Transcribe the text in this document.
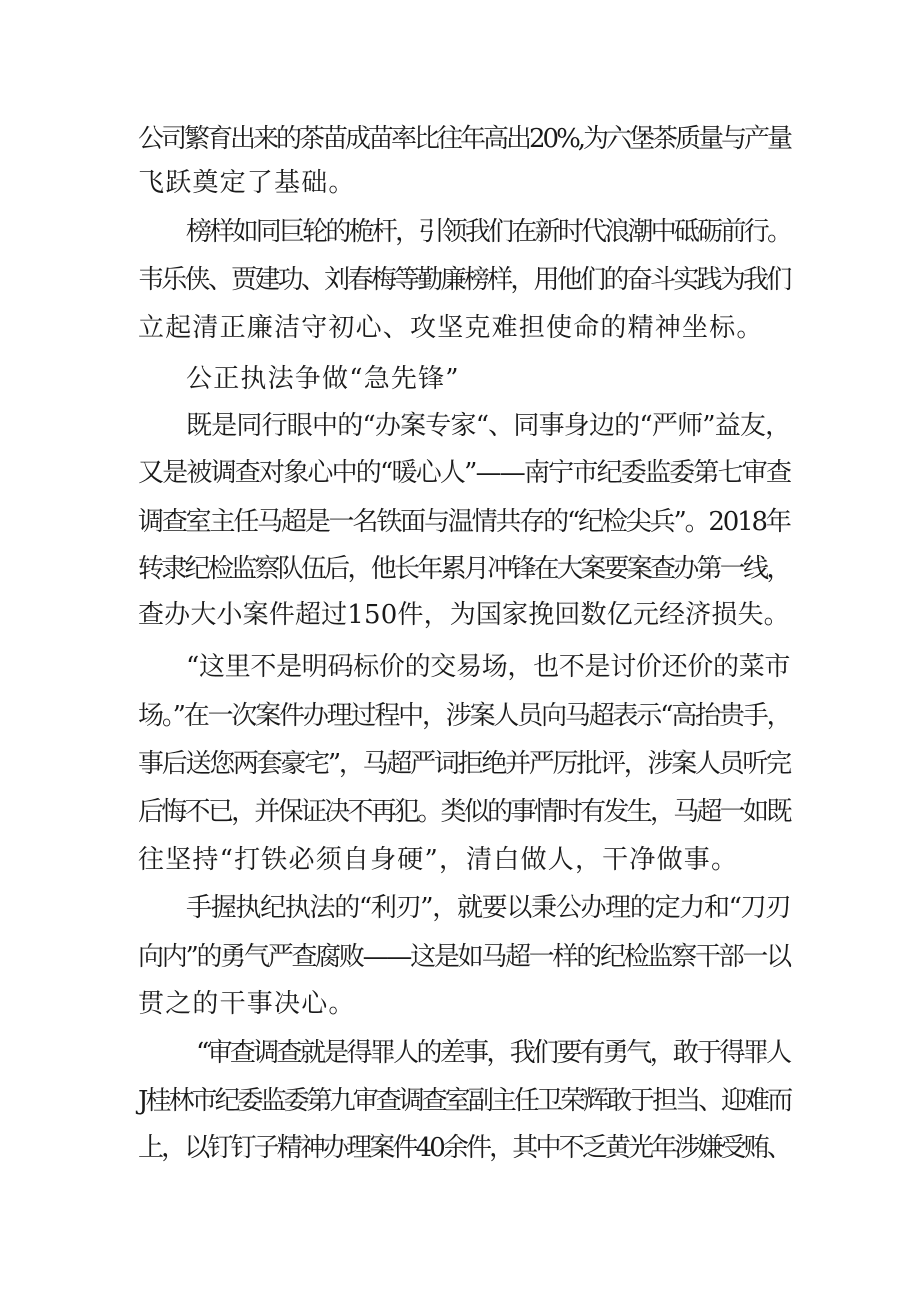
公司繁育出来的茶苗成苗率比往年高出20%,为六堡茶质量与产量
飞跃奠定了基础。
榜样如同巨轮的桅杆，引领我们在新时代浪潮中砥砺前行。
韦乐侠、贾建功、刘春梅等勤廉榜样，用他们的奋斗实践为我们
立起清正廉洁守初心、攻坚克难担使命的精神坐标。
公正执法争做“急先锋”
既是同行眼中的“办案专家“、同事身边的“严师”益友，
又是被调查对象心中的“暖心人”——南宁市纪委监委第七审查
调查室主任马超是一名铁面与温情共存的“纪检尖兵”。2018年
转隶纪检监察队伍后，他长年累月冲锋在大案要案查办第一线，
查办大小案件超过150件，为国家挽回数亿元经济损失。
“这里不是明码标价的交易场，也不是讨价还价的菜市
场。”在一次案件办理过程中，涉案人员向马超表示“高抬贵手，
事后送您两套豪宅”，马超严词拒绝并严厉批评，涉案人员听完
后悔不已，并保证决不再犯。类似的事情时有发生，马超一如既
往坚持“打铁必须自身硬”，清白做人，干净做事。
手握执纪执法的“利刃”，就要以秉公办理的定力和“刀刃
向内”的勇气严查腐败——这是如马超一样的纪检监察干部一以
贯之的干事决心。
“审查调查就是得罪人的差事，我们要有勇气，敢于得罪人
J桂林市纪委监委第九审查调查室副主任卫荣辉敢于担当、迎难而
上，以钉钉子精神办理案件40余件，其中不乏黄光年涉嫌受贿、
